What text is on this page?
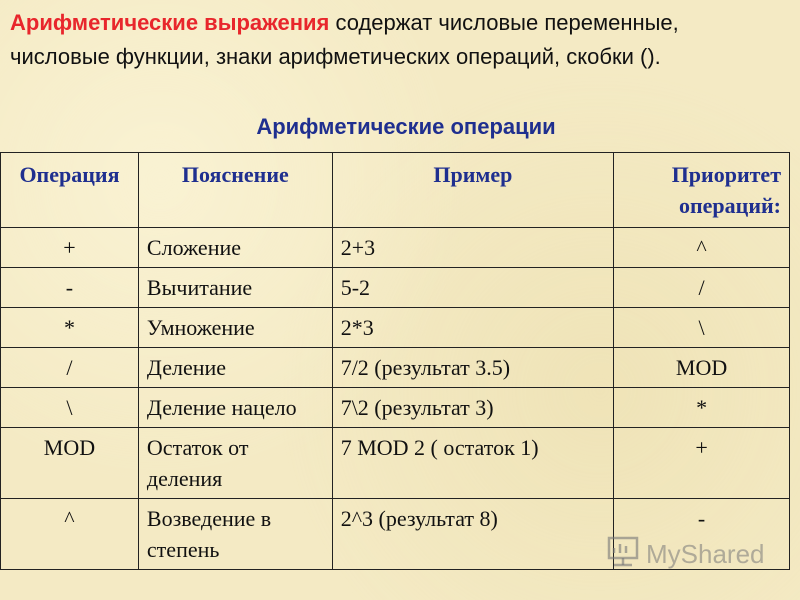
Арифметические выражения содержат числовые переменные, числовые функции, знаки арифметических операций, скобки ().
Арифметические операции
Операция	Пояснение	Пример	Приоритет операций:
+	Сложение	2+3	^
-	Вычитание	5-2	/
*	Умножение	2*3	\
/	Деление	7/2 (результат 3.5)	MOD
\	Деление нацело	7\2 (результат 3)	*
MOD	Остаток от деления	7 MOD 2 ( остаток 1)	+
^	Возведение в степень	2^3 (результат 8)	-
MyShared
